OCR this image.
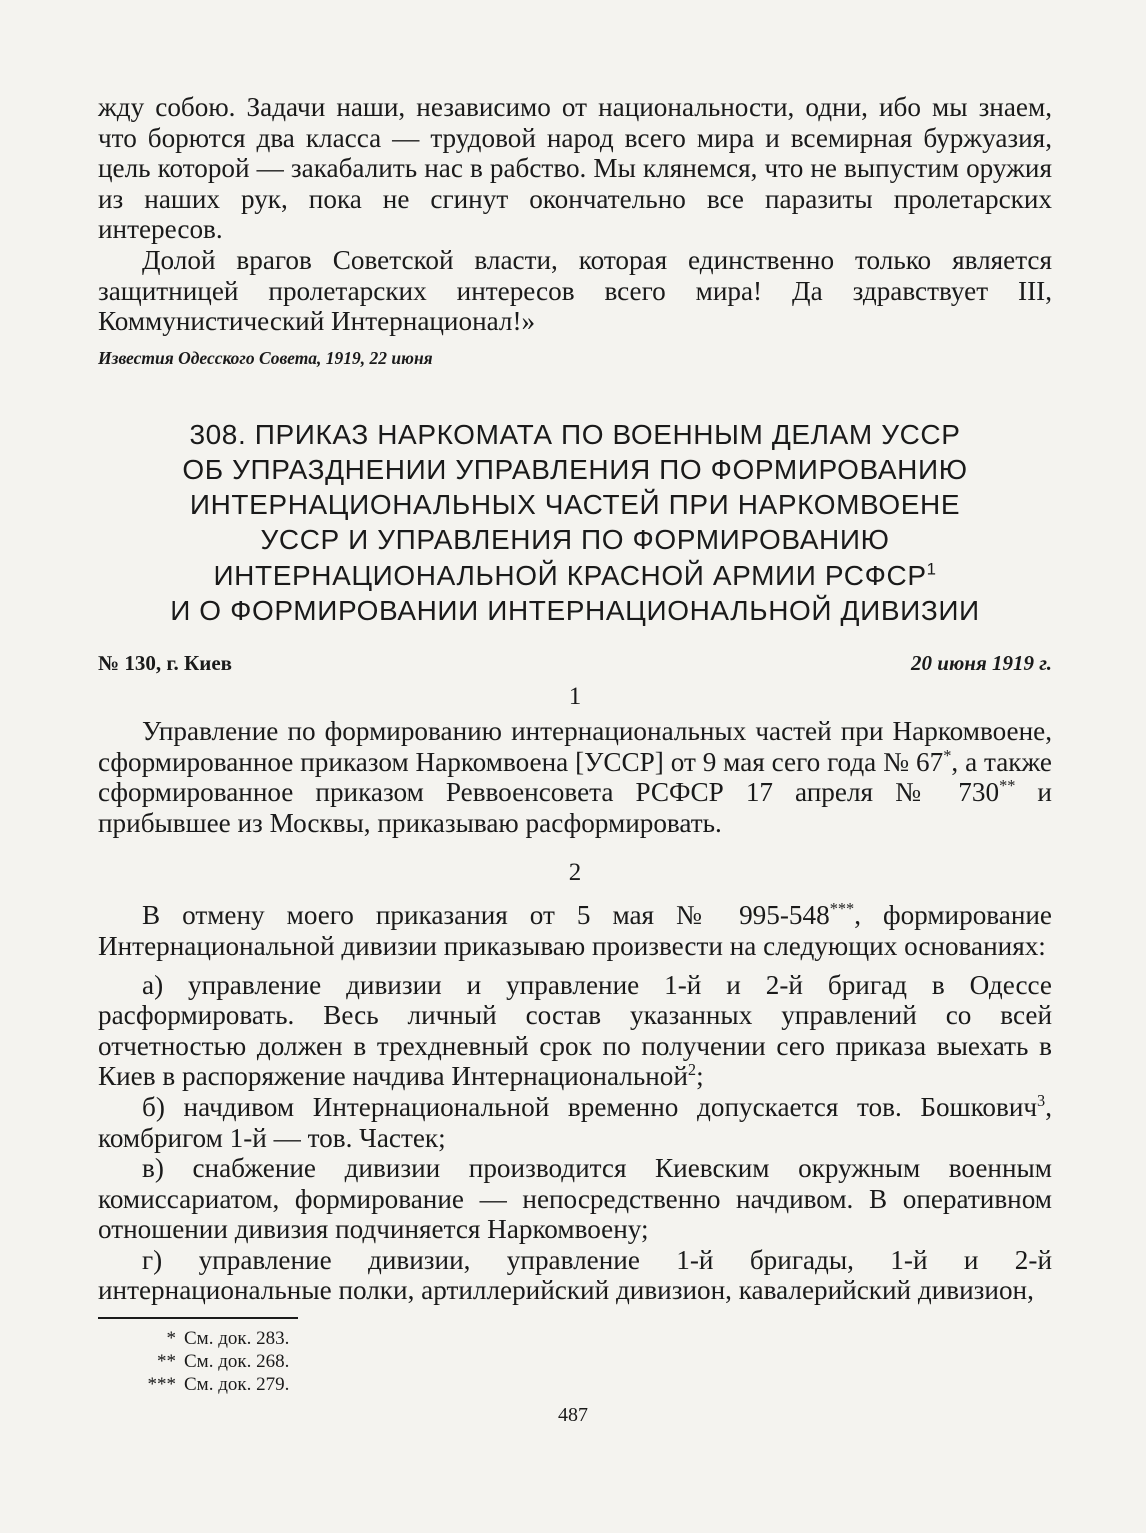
жду собою. Задачи наши, независимо от национальности, одни, ибо мы знаем, что борются два класса — трудовой народ всего мира и всемирная буржуазия, цель которой — закабалить нас в рабство. Мы клянемся, что не выпустим оружия из наших рук, пока не сгинут окончательно все паразиты пролетарских интересов.

Долой врагов Советской власти, которая единственно только является защитницей пролетарских интересов всего мира! Да здравствует III, Коммунистический Интернационал!»

Известия Одесского Совета, 1919, 22 июня

308. ПРИКАЗ НАРКОМАТА ПО ВОЕННЫМ ДЕЛАМ УССР
ОБ УПРАЗДНЕНИИ УПРАВЛЕНИЯ ПО ФОРМИРОВАНИЮ
ИНТЕРНАЦИОНАЛЬНЫХ ЧАСТЕЙ ПРИ НАРКОМВОЕНЕ
УССР И УПРАВЛЕНИЯ ПО ФОРМИРОВАНИЮ
ИНТЕРНАЦИОНАЛЬНОЙ КРАСНОЙ АРМИИ РСФСР$^1$
И О ФОРМИРОВАНИИ ИНТЕРНАЦИОНАЛЬНОЙ ДИВИЗИИ
№ 130, г. Киев	20 июня 1919 г.
1

Управление по формированию интернациональных частей при Наркомвоене, сформированное приказом Наркомвоена [УССР] от 9 мая сего года № 67*, а также сформированное приказом Реввоенсовета РСФСР 17 апреля № 730** и прибывшее из Москвы, приказываю расформировать.

2

В отмену моего приказания от 5 мая № 995-548***, формирование Интернациональной дивизии приказываю произвести на следующих основаниях:

а) управление дивизии и управление 1-й и 2-й бригад в Одессе расформировать. Весь личный состав указанных управлений со всей отчетностью должен в трехдневный срок по получении сего приказа выехать в Киев в распоряжение начдива Интернациональной$^2$;

б) начдивом Интернациональной временно допускается тов. Бошкович$^3$, комбригом 1-й — тов. Частек;

в) снабжение дивизии производится Киевским окружным военным комиссариатом, формирование — непосредственно начдивом. В оперативном отношении дивизия подчиняется Наркомвоену;

г) управление дивизии, управление 1-й бригады, 1-й и 2-й интернациональные полки, артиллерийский дивизион, кавалерийский дивизион,

* См. док. 283.
** См. док. 268.
*** См. док. 279.
487
